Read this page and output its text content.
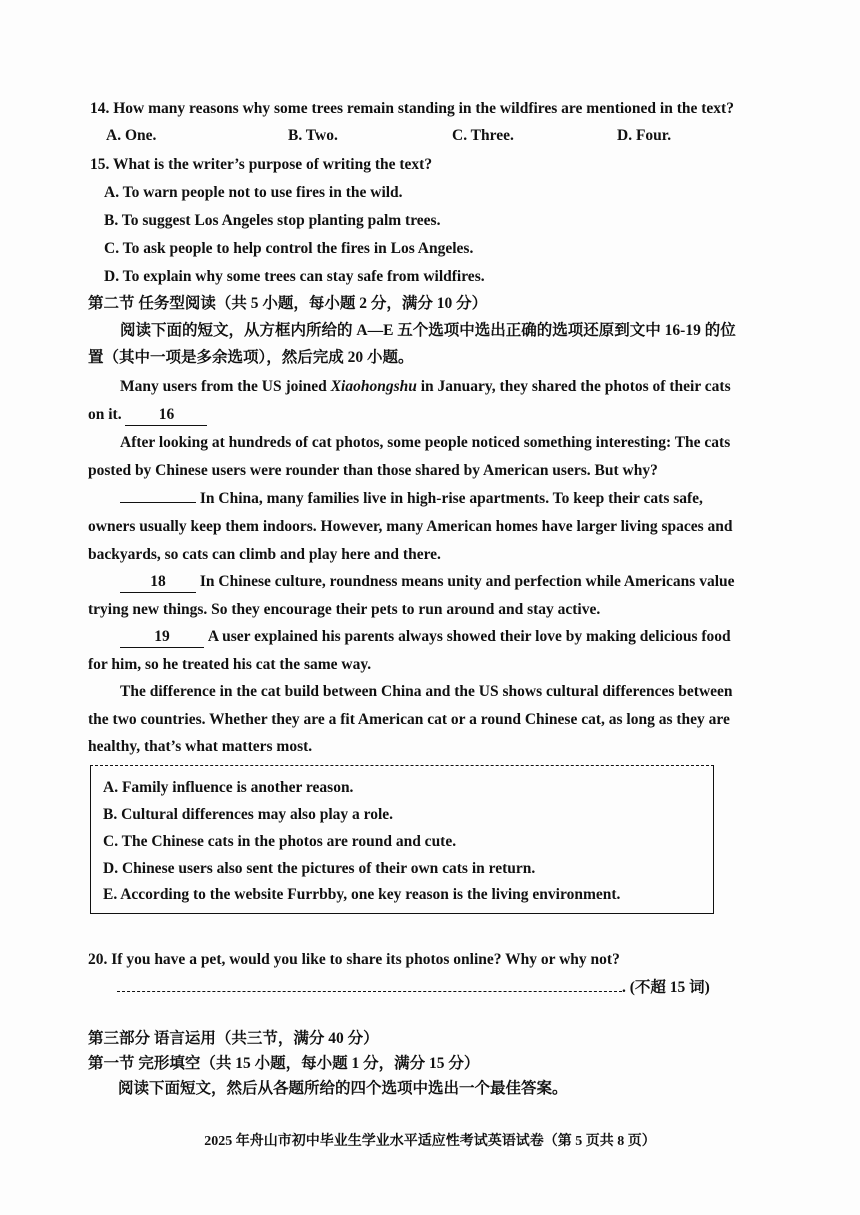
14. How many reasons why some trees remain standing in the wildfires are mentioned in the text?
A. One.	B. Two.	C. Three.	D. Four.
15. What is the writer’s purpose of writing the text?
A. To warn people not to use fires in the wild.
B. To suggest Los Angeles stop planting palm trees.
C. To ask people to help control the fires in Los Angeles.
D. To explain why some trees can stay safe from wildfires.
第二节 任务型阅读（共 5 小题，每小题 2 分，满分 10 分）
阅读下面的短文，从方框内所给的 A—E 五个选项中选出正确的选项还原到文中 16-19 的位
置（其中一项是多余选项），然后完成 20 小题。
Many users from the US joined Xiaohongshu in January, they shared the photos of their cats
on it. 16
After looking at hundreds of cat photos, some people noticed something interesting: The cats
posted by Chinese users were rounder than those shared by American users. But why?
In China, many families live in high-rise apartments. To keep their cats safe,
owners usually keep them indoors. However, many American homes have larger living spaces and
backyards, so cats can climb and play here and there.
18 In Chinese culture, roundness means unity and perfection while Americans value
trying new things. So they encourage their pets to run around and stay active.
19 A user explained his parents always showed their love by making delicious food
for him, so he treated his cat the same way.
The difference in the cat build between China and the US shows cultural differences between
the two countries. Whether they are a fit American cat or a round Chinese cat, as long as they are
healthy, that’s what matters most.
A. Family influence is another reason.
B. Cultural differences may also play a role.
C. The Chinese cats in the photos are round and cute.
D. Chinese users also sent the pictures of their own cats in return.
E. According to the website Furrbby, one key reason is the living environment.
20. If you have a pet, would you like to share its photos online? Why or why not?
. (不超 15 词)
第三部分 语言运用（共三节，满分 40 分）
第一节 完形填空（共 15 小题，每小题 1 分，满分 15 分）
阅读下面短文，然后从各题所给的四个选项中选出一个最佳答案。
2025 年舟山市初中毕业生学业水平适应性考试英语试卷（第 5 页共 8 页）
